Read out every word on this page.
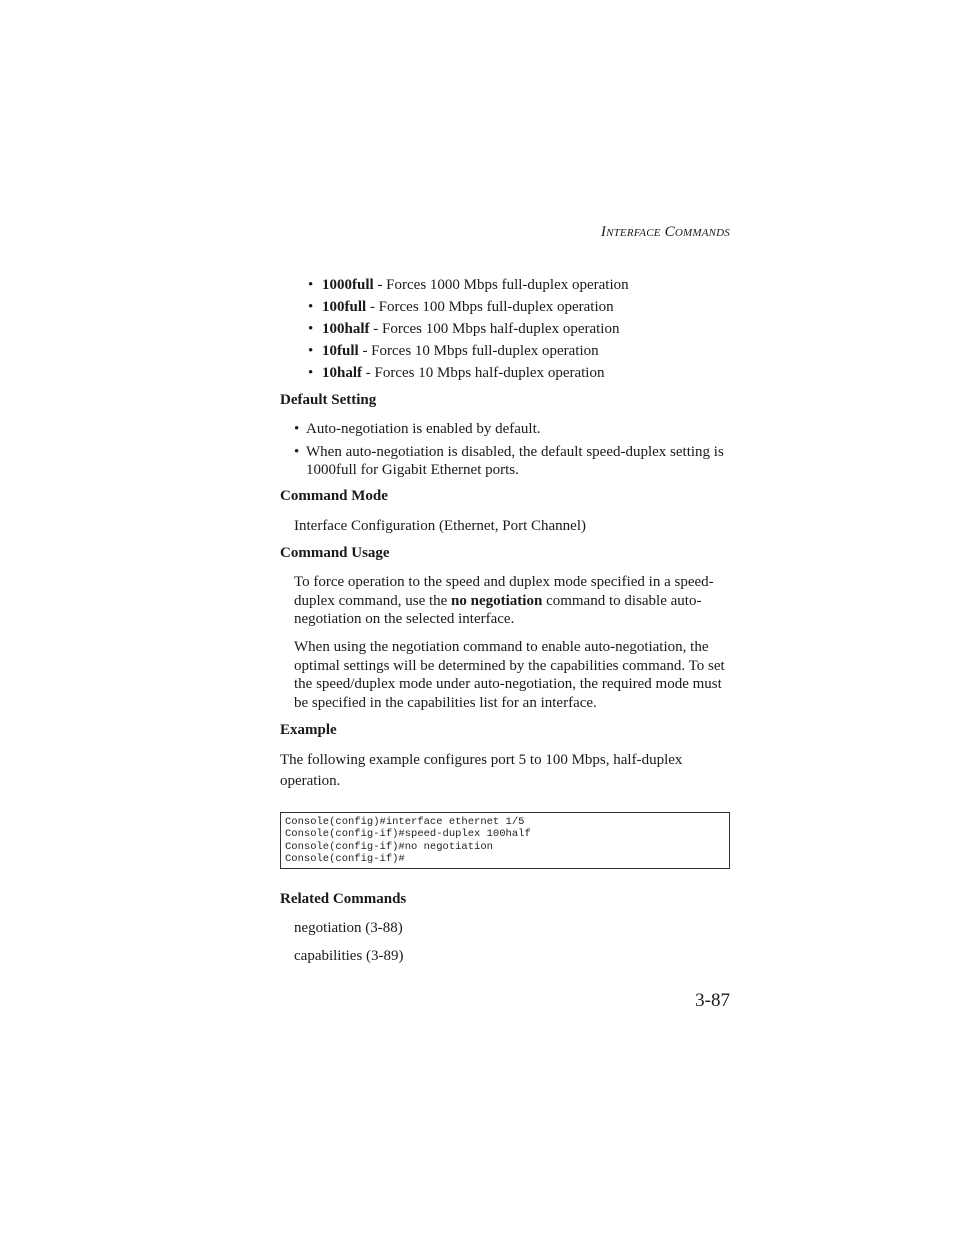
INTERFACE COMMANDS
• 1000full - Forces 1000 Mbps full-duplex operation
• 100full - Forces 100 Mbps full-duplex operation
• 100half - Forces 100 Mbps half-duplex operation
• 10full - Forces 10 Mbps full-duplex operation
• 10half - Forces 10 Mbps half-duplex operation
Default Setting
• Auto-negotiation is enabled by default.
• When auto-negotiation is disabled, the default speed-duplex setting is 1000full for Gigabit Ethernet ports.
Command Mode
Interface Configuration (Ethernet, Port Channel)
Command Usage
To force operation to the speed and duplex mode specified in a speed-duplex command, use the no negotiation command to disable auto-negotiation on the selected interface.
When using the negotiation command to enable auto-negotiation, the optimal settings will be determined by the capabilities command. To set the speed/duplex mode under auto-negotiation, the required mode must be specified in the capabilities list for an interface.
Example
The following example configures port 5 to 100 Mbps, half-duplex operation.
Console(config)#interface ethernet 1/5
Console(config-if)#speed-duplex 100half
Console(config-if)#no negotiation
Console(config-if)#
Related Commands
negotiation (3-88)
capabilities (3-89)
3-87
